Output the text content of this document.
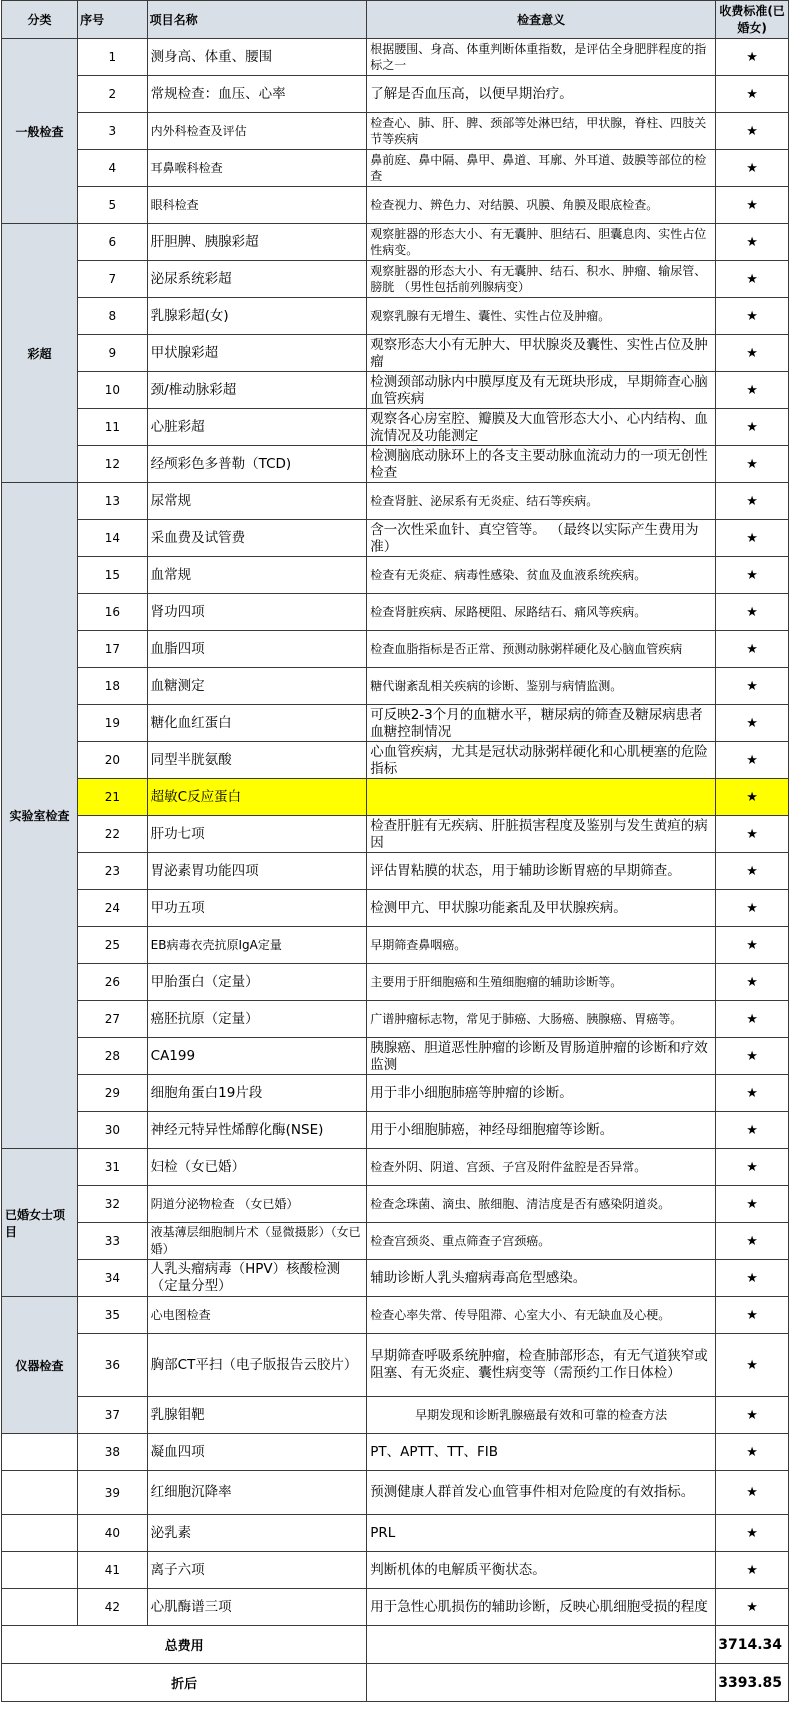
分类	序号	项目名称	检查意义	收费标准(已婚女)
一般检查	1	测身高、体重、腰围	根据腰围、身高、体重判断体重指数，是评估全身肥胖程度的指标之一	★
	2	常规检查：血压、心率	了解是否血压高，以便早期治疗。	★
	3	内外科检查及评估	检查心、肺、肝、脾、颈部等处淋巴结，甲状腺，脊柱、四肢关节等疾病	★
	4	耳鼻喉科检查	鼻前庭、鼻中隔、鼻甲、鼻道、耳廓、外耳道、鼓膜等部位的检查	★
	5	眼科检查	检查视力、辨色力、对结膜、巩膜、角膜及眼底检查。	★
彩超	6	肝胆脾、胰腺彩超	观察脏器的形态大小、有无囊肿、胆结石、胆囊息肉、实性占位性病变。	★
	7	泌尿系统彩超	观察脏器的形态大小、有无囊肿、结石、积水、肿瘤、输尿管、膀胱 （男性包括前列腺病变）	★
	8	乳腺彩超(女)	观察乳腺有无增生、囊性、实性占位及肿瘤。	★
	9	甲状腺彩超	观察形态大小有无肿大、甲状腺炎及囊性、实性占位及肿瘤	★
	10	颈/椎动脉彩超	检测颈部动脉内中膜厚度及有无斑块形成，早期筛查心脑血管疾病	★
	11	心脏彩超	观察各心房室腔、瓣膜及大血管形态大小、心内结构、血流情况及功能测定	★
	12	经颅彩色多普勒（TCD)	检测脑底动脉环上的各支主要动脉血流动力的一项无创性检查	★
实验室检查	13	尿常规	检查肾脏、泌尿系有无炎症、结石等疾病。	★
	14	采血费及试管费	含一次性采血针、真空管等。 （最终以实际产生费用为准）	★
	15	血常规	检查有无炎症、病毒性感染、贫血及血液系统疾病。	★
	16	肾功四项	检查肾脏疾病、尿路梗阻、尿路结石、痛风等疾病。	★
	17	血脂四项	检查血脂指标是否正常、预测动脉粥样硬化及心脑血管疾病	★
	18	血糖测定	糖代谢紊乱相关疾病的诊断、鉴别与病情监测。	★
	19	糖化血红蛋白	可反映2-3个月的血糖水平，糖尿病的筛查及糖尿病患者血糖控制情况	★
	20	同型半胱氨酸	心血管疾病，尤其是冠状动脉粥样硬化和心肌梗塞的危险指标	★
	21	超敏C反应蛋白		★
	22	肝功七项	检查肝脏有无疾病、肝脏损害程度及鉴别与发生黄疸的病因	★
	23	胃泌素胃功能四项	评估胃粘膜的状态，用于辅助诊断胃癌的早期筛查。	★
	24	甲功五项	检测甲亢、甲状腺功能紊乱及甲状腺疾病。	★
	25	EB病毒衣壳抗原IgA定量	早期筛查鼻咽癌。	★
	26	甲胎蛋白（定量）	主要用于肝细胞癌和生殖细胞瘤的辅助诊断等。	★
	27	癌胚抗原（定量）	广谱肿瘤标志物，常见于肺癌、大肠癌、胰腺癌、胃癌等。	★
	28	CA199	胰腺癌、胆道恶性肿瘤的诊断及胃肠道肿瘤的诊断和疗效监测	★
	29	细胞角蛋白19片段	用于非小细胞肺癌等肿瘤的诊断。	★
	30	神经元特异性烯醇化酶(NSE)	用于小细胞肺癌，神经母细胞瘤等诊断。	★
已婚女士项目	31	妇检（女已婚）	检查外阴、阴道、宫颈、子宫及附件盆腔是否异常。	★
	32	阴道分泌物检查 （女已婚）	检查念珠菌、滴虫、脓细胞、清洁度是否有感染阴道炎。	★
	33	液基薄层细胞制片术（显微摄影）（女已婚）	检查宫颈炎、重点筛查子宫颈癌。	★
	34	人乳头瘤病毒（HPV）核酸检测（定量分型）	辅助诊断人乳头瘤病毒高危型感染。	★
仪器检查	35	心电图检查	检查心率失常、传导阻滞、心室大小、有无缺血及心梗。	★
	36	胸部CT平扫（电子版报告云胶片）	早期筛查呼吸系统肿瘤，检查肺部形态，有无气道狭窄或阻塞、有无炎症、囊性病变等（需预约工作日体检）	★
	37	乳腺钼靶	早期发现和诊断乳腺癌最有效和可靠的检查方法	★
	38	凝血四项	PT、APTT、TT、FIB	★
	39	红细胞沉降率	预测健康人群首发心血管事件相对危险度的有效指标。	★
	40	泌乳素	PRL	★
	41	离子六项	判断机体的电解质平衡状态。	★
	42	心肌酶谱三项	用于急性心肌损伤的辅助诊断，反映心肌细胞受损的程度	★
总费用				3714.34
折后				3393.85
